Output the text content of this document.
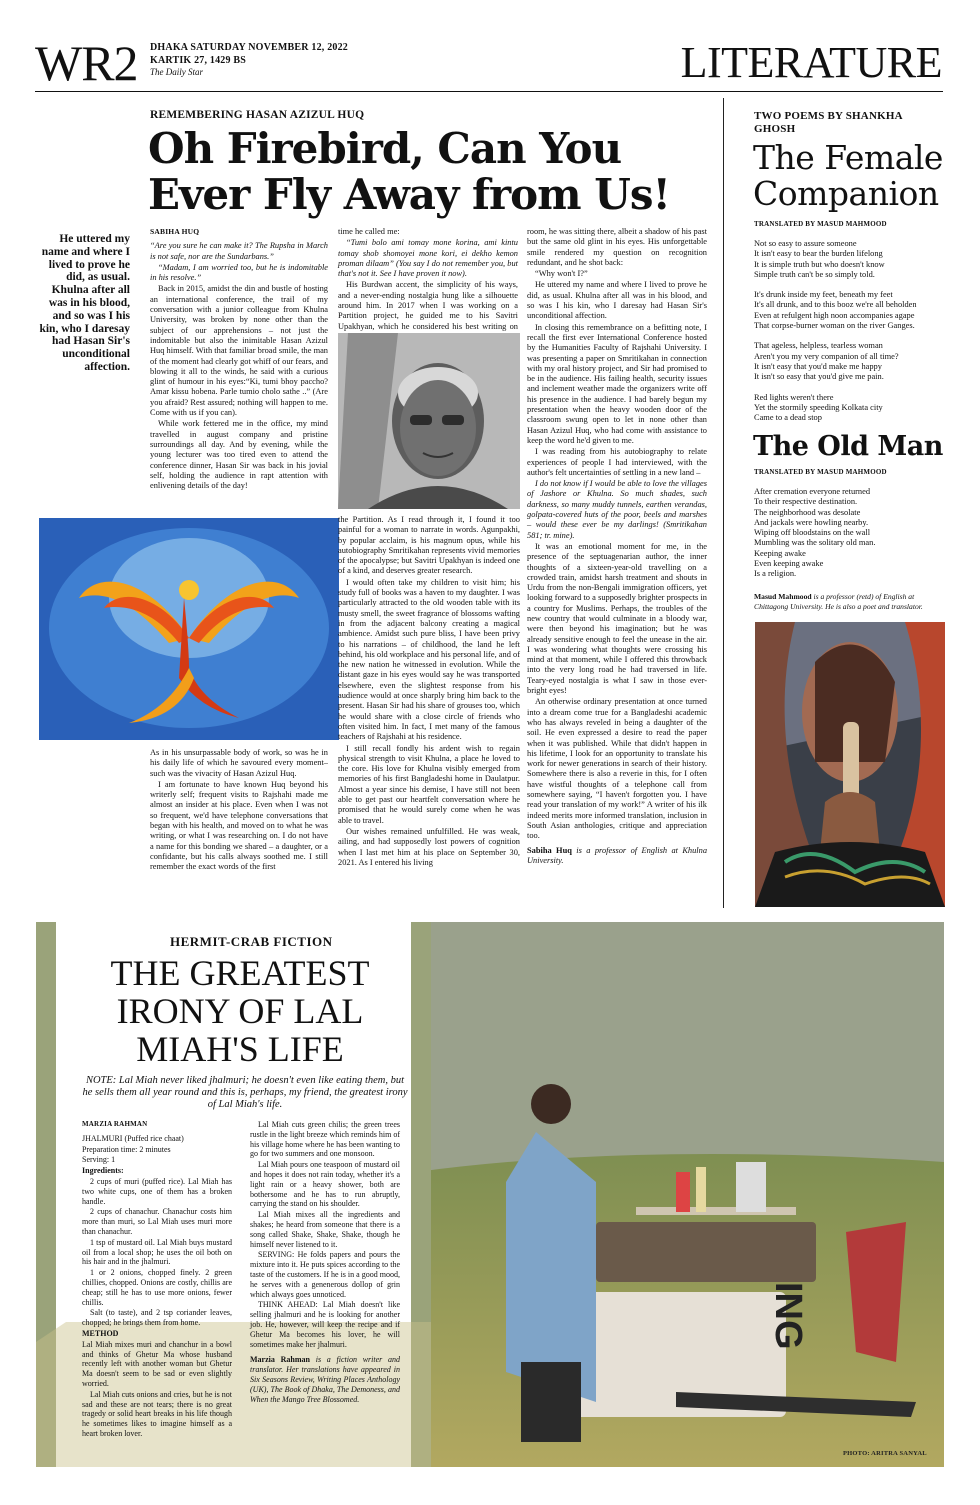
WR2 DHAKA SATURDAY NOVEMBER 12, 2022
KARTIK 27, 1429 BS
The Daily Star	LITERATURE
REMEMBERING HASAN AZIZUL HUQ
Oh Firebird, Can You
Ever Fly Away from Us!
He uttered my name and where I lived to prove he did, as usual. Khulna after all was in his blood, and so was I his kin, who I daresay had Hasan Sir's unconditional affection.

SABIHA HUQ

“Are you sure he can make it? The Rupsha in March is not safe, nor are the Sundarbans.”

“Madam, I am worried too, but he is indomitable in his resolve.”

Back in 2015, amidst the din and bustle of hosting an international conference, the trail of my conversation with a junior colleague from Khulna University, was broken by none other than the subject of our apprehensions – not just the indomitable but also the inimitable Hasan Azizul Huq himself. With that familiar broad smile, the man of the moment had clearly got whiff of our fears, and blowing it all to the winds, he said with a curious glint of humour in his eyes:“Ki, tumi bhoy paccho? Amar kissu hobena. Parle tumio cholo sathe ..” (Are you afraid? Rest assured; nothing will happen to me. Come with us if you can).

While work fettered me in the office, my mind travelled in august company and pristine surroundings all day. And by evening, while the young lecturer was too tired even to attend the conference dinner, Hasan Sir was back in his jovial self, holding the audience in rapt attention with enlivening details of the day!

time he called me:

“Tumi bolo ami tomay mone korina, ami kintu tomay shob shomoyei mone kori, ei dekho kemon proman dilaam” (You say I do not remember you, but that's not it. See I have proven it now).

His Burdwan accent, the simplicity of his ways, and a never-ending nostalgia hung like a silhouette around him. In 2017 when I was working on a Partition project, he guided me to his Savitri Upakhyan, which he considered his best writing on

the Partition. As I read through it, I found it too painful for a woman to narrate in words. Agunpakhi, by popular acclaim, is his magnum opus, while his autobiography Smritikahan represents vivid memories of the apocalypse; but Savitri Upakhyan is indeed one of a kind, and deserves greater research.

I would often take my children to visit him; his study full of books was a haven to my daughter. I was particularly attracted to the old wooden table with its musty smell, the sweet fragrance of blossoms wafting in from the adjacent balcony creating a magical ambience. Amidst such pure bliss, I have been privy to his narrations – of childhood, the land he left behind, his old workplace and his personal life, and of the new nation he witnessed in evolution. While the distant gaze in his eyes would say he was transported elsewhere, even the slightest response from his audience would at once sharply bring him back to the present. Hasan Sir had his share of grouses too, which he would share with a close circle of friends who often visited him. In fact, I met many of the famous teachers of Rajshahi at his residence.

I still recall fondly his ardent wish to regain physical strength to visit Khulna, a place he loved to the core. His love for Khulna visibly emerged from memories of his first Bangladeshi home in Daulatpur. Almost a year since his demise, I have still not been able to get past our heartfelt conversation where he promised that he would surely come when he was able to travel.

Our wishes remained unfulfilled. He was weak, ailing, and had supposedly lost powers of cognition when I last met him at his place on September 30, 2021. As I entered his living

As in his unsurpassable body of work, so was he in his daily life of which he savoured every moment– such was the vivacity of Hasan Azizul Huq.

I am fortunate to have known Huq beyond his writerly self; frequent visits to Rajshahi made me almost an insider at his place. Even when I was not so frequent, we'd have telephone conversations that began with his health, and moved on to what he was writing, or what I was researching on. I do not have a name for this bonding we shared – a daughter, or a confidante, but his calls always soothed me. I still remember the exact words of the first

room, he was sitting there, albeit a shadow of his past but the same old glint in his eyes. His unforgettable smile rendered my question on recognition redundant, and he shot back:

“Why won't I?”

He uttered my name and where I lived to prove he did, as usual. Khulna after all was in his blood, and so was I his kin, who I daresay had Hasan Sir's unconditional affection.

In closing this remembrance on a befitting note, I recall the first ever International Conference hosted by the Humanities Faculty of Rajshahi University. I was presenting a paper on Smritikahan in connection with my oral history project, and Sir had promised to be in the audience. His failing health, security issues and inclement weather made the organizers write off his presence in the audience. I had barely begun my presentation when the heavy wooden door of the classroom swung open to let in none other than Hasan Azizul Huq, who had come with assistance to keep the word he'd given to me.

I was reading from his autobiography to relate experiences of people I had interviewed, with the author's felt uncertainties of settling in a new land –

I do not know if I would be able to love the villages of Jashore or Khulna. So much shades, such darkness, so many muddy tunnels, earthen verandas, golpata-covered huts of the poor, beels and marshes – would these ever be my darlings! (Smritikahan 581; tr. mine).

It was an emotional moment for me, in the presence of the septuagenarian author, the inner thoughts of a sixteen-year-old travelling on a crowded train, amidst harsh treatment and shouts in Urdu from the non-Bengali immigration officers, yet looking forward to a supposedly brighter prospects in a country for Muslims. Perhaps, the troubles of the new country that would culminate in a bloody war, were then beyond his imagination; but he was already sensitive enough to feel the unease in the air. I was wondering what thoughts were crossing his mind at that moment, while I offered this throwback into the very long road he had traversed in life. Teary-eyed nostalgia is what I saw in those ever-bright eyes!

An otherwise ordinary presentation at once turned into a dream come true for a Bangladeshi academic who has always reveled in being a daughter of the soil. He even expressed a desire to read the paper when it was published. While that didn't happen in his lifetime, I look for an opportunity to translate his work for newer generations in search of their history. Somewhere there is also a reverie in this, for I often have wistful thoughts of a telephone call from somewhere saying, “I haven't forgotten you. I have read your translation of my work!” A writer of his ilk indeed merits more informed translation, inclusion in South Asian anthologies, critique and appreciation too.

Sabiha Huq is a professor of English at Khulna University.

TWO POEMS BY SHANKHA GHOSH
The Female
Companion
TRANSLATED BY MASUD MAHMOOD
Not so easy to assure someone
It isn't easy to bear the burden lifelong
It is simple truth but who doesn't know
Simple truth can't be so simply told.
It's drunk inside my feet, beneath my feet
It's all drunk, and to this booz we're all beholden
Even at refulgent high noon accompanies agape
That corpse-burner woman on the river Ganges.
That ageless, helpless, tearless woman
Aren't you my very companion of all time?
It isn't easy that you'd make me happy
It isn't so easy that you'd give me pain.
Red lights weren't there
Yet the stormily speeding Kolkata city
Came to a dead stop
The Old Man
TRANSLATED BY MASUD MAHMOOD
After cremation everyone returned
To their respective destination.
The neighborhood was desolate
And jackals were howling nearby.
Wiping off bloodstains on the wall
Mumbling was the solitary old man.
Keeping awake
Even keeping awake
Is a religion.
Masud Mahmood is a professor (retd) of English at Chittagong University. He is also a poet and translator.
ING
HERMIT-CRAB FICTION
THE GREATEST
IRONY OF LAL
MIAH'S LIFE
NOTE: Lal Miah never liked jhalmuri; he doesn't even like eating them, but he sells them all year round and this is, perhaps, my friend, the greatest irony of Lal Miah's life.

MARZIA RAHMAN

JHALMURI (Puffed rice chaat)

Preparation time: 2 minutes

Serving: 1

Ingredients:

2 cups of muri (puffed rice). Lal Miah has two white cups, one of them has a broken handle.

2 cups of chanachur. Chanachur costs him more than muri, so Lal Miah uses muri more than chanachur.

1 tsp of mustard oil. Lal Miah buys mustard oil from a local shop; he uses the oil both on his hair and in the jhalmuri.

1 or 2 onions, chopped finely. 2 green chillies, chopped. Onions are costly, chillis are cheap; still he has to use more onions, fewer chillis.

Salt (to taste), and 2 tsp coriander leaves, chopped; he brings them from home.

METHOD

Lal Miah mixes muri and chanchur in a bowl and thinks of Ghetur Ma whose husband recently left with another woman but Ghetur Ma doesn't seem to be sad or even slightly worried.

Lal Miah cuts onions and cries, but he is not sad and these are not tears; there is no great tragedy or solid heart breaks in his life though he sometimes likes to imagine himself as a heart broken lover.

Lal Miah cuts green chilis; the green trees rustle in the light breeze which reminds him of his village home where he has been wanting to go for two summers and one monsoon.

Lal Miah pours one teaspoon of mustard oil and hopes it does not rain today, whether it's a light rain or a heavy shower, both are bothersome and he has to run abruptly, carrying the stand on his shoulder.

Lal Miah mixes all the ingredients and shakes; he heard from someone that there is a song called Shake, Shake, Shake, though he himself never listened to it.

SERVING: He folds papers and pours the mixture into it. He puts spices according to the taste of the customers. If he is in a good mood, he serves with a genenerous dollop of grin which always goes unnoticed.

THINK AHEAD: Lal Miah doesn't like selling jhalmuri and he is looking for another job. He, however, will keep the recipe and if Ghetur Ma becomes his lover, he will sometimes make her jhalmuri.

Marzia Rahman is a fiction writer and translator. Her translations have appeared in Six Seasons Review, Writing Places Anthology (UK), The Book of Dhaka, The Demoness, and When the Mango Tree Blossomed.

PHOTO: ARITRA SANYAL
